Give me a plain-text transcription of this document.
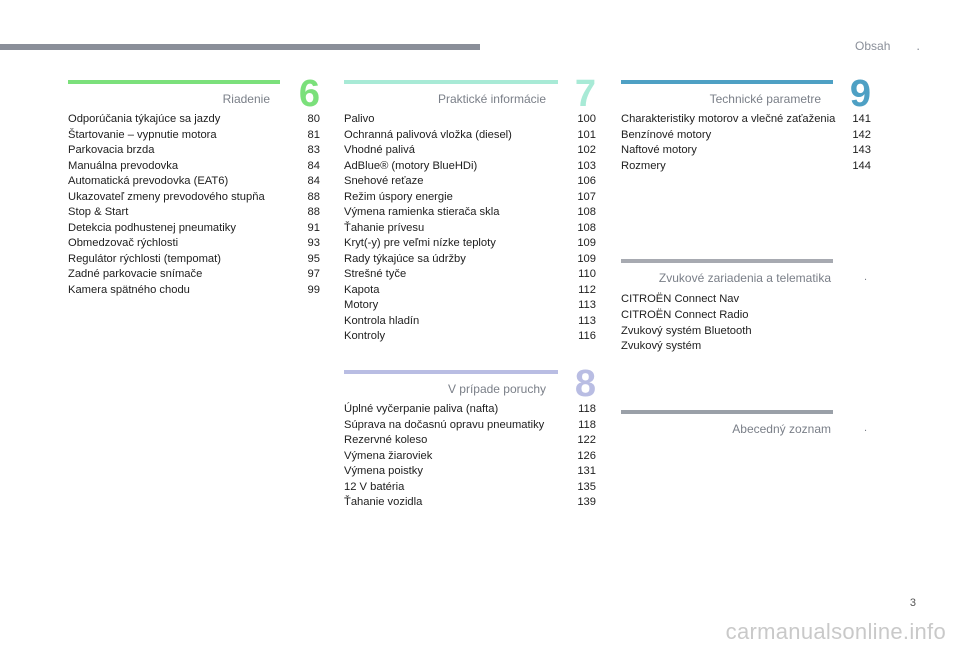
Obsah .
Riadenie 6
Odporúčania týkajúce sa jazdy	80
Štartovanie – vypnutie motora	81
Parkovacia brzda	83
Manuálna prevodovka	84
Automatická prevodovka (EAT6)	84
Ukazovateľ zmeny prevodového stupňa	88
Stop & Start	88
Detekcia podhustenej pneumatiky	91
Obmedzovač rýchlosti	93
Regulátor rýchlosti (tempomat)	95
Zadné parkovacie snímače	97
Kamera spätného chodu	99
Praktické informácie 7
Palivo	100
Ochranná palivová vložka (diesel)	101
Vhodné palivá	102
AdBlue® (motory BlueHDi)	103
Snehové reťaze	106
Režim úspory energie	107
Výmena ramienka stierača skla	108
Ťahanie prívesu	108
Kryt(-y) pre veľmi nízke teploty	109
Rady týkajúce sa údržby	109
Strešné tyče	110
Kapota	112
Motory	113
Kontrola hladín	113
Kontroly	116
V prípade poruchy 8
Úplné vyčerpanie paliva (nafta)	118
Súprava na dočasnú opravu pneumatiky	118
Rezervné koleso	122
Výmena žiaroviek	126
Výmena poistky	131
12 V batéria	135
Ťahanie vozidla	139
Technické parametre 9
Charakteristiky motorov a vlečné zaťaženia 141
Benzínové motory	142
Naftové motory	143
Rozmery	144
Zvukové zariadenia a telematika	.
CITROËN Connect Nav
CITROËN Connect Radio
Zvukový systém Bluetooth
Zvukový systém
Abecedný zoznam	.
3
carmanualsonline.info
